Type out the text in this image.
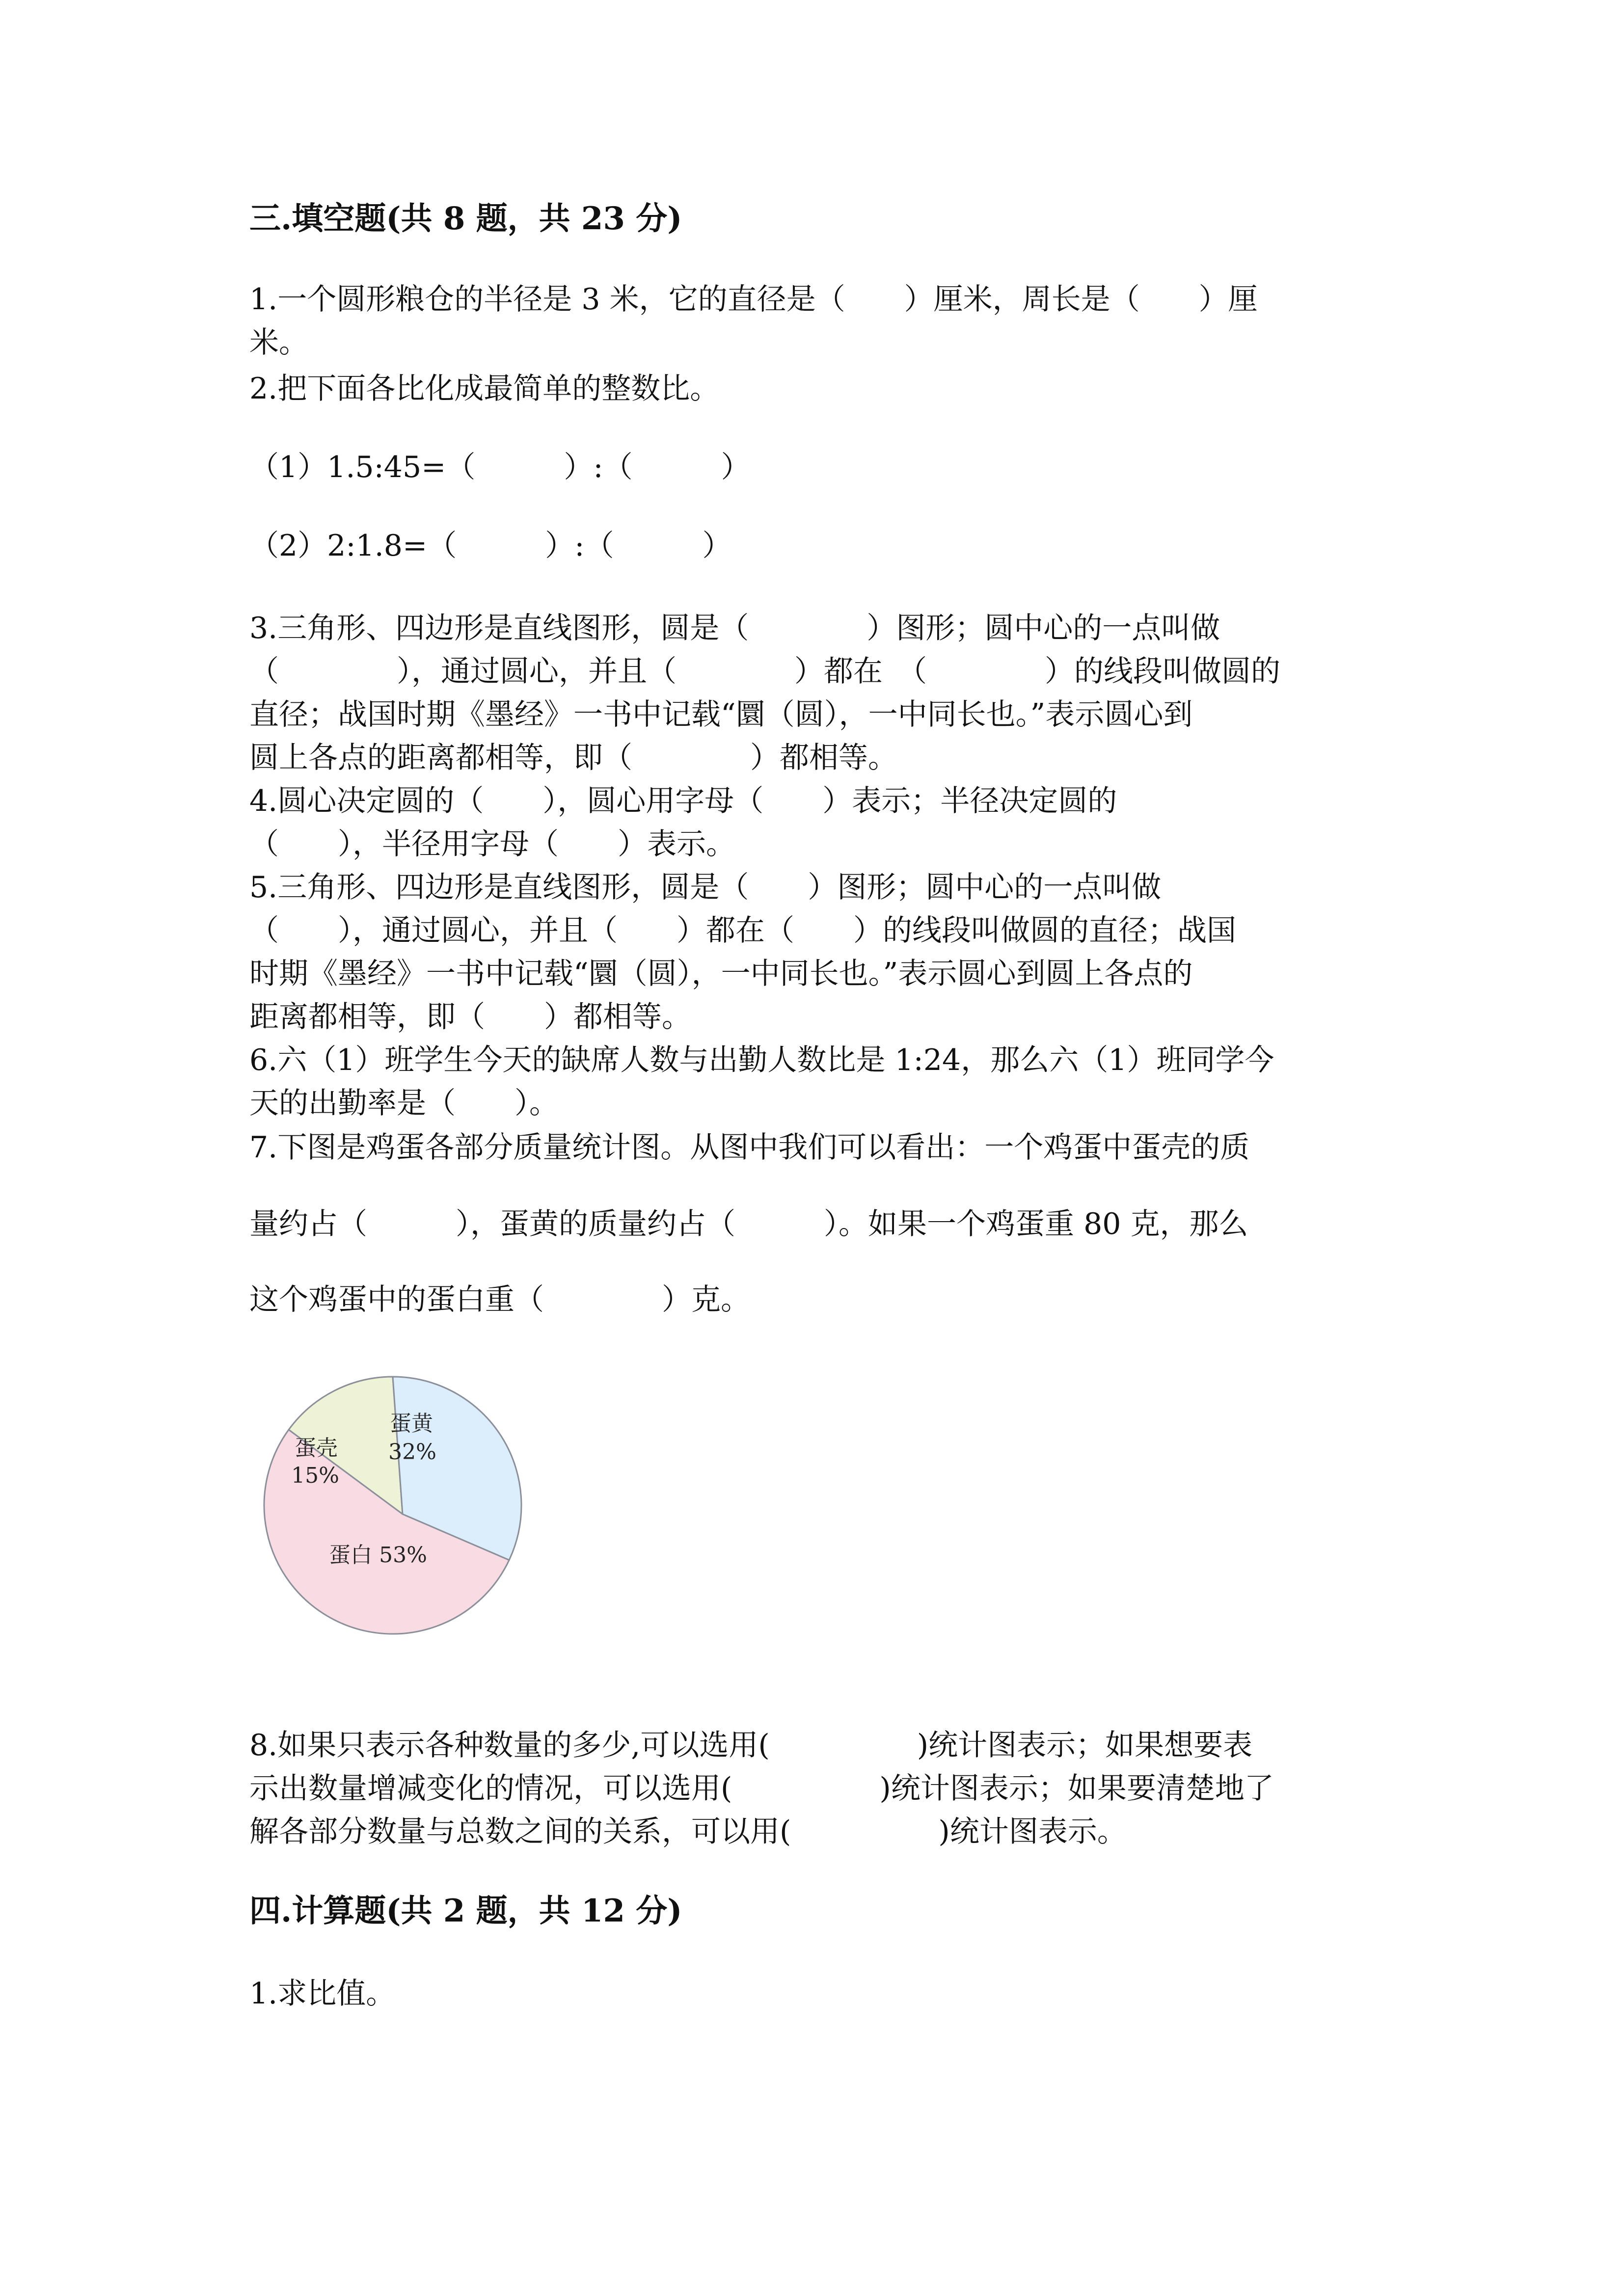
三.填空题(共 8 题，共 23 分)
1.一个圆形粮仓的半径是 3 米，它的直径是（　　）厘米，周长是（　　）厘
米。
2.把下面各比化成最简单的整数比。
（1）1.5:45=（　　　）:（　　　）
（2）2:1.8=（　　　）:（　　　）
3.三角形、四边形是直线图形，圆是（　　　　）图形；圆中心的一点叫做
（　　　　），通过圆心，并且（　　　　）都在　（　　　　）的线段叫做圆的
直径；战国时期《墨经》一书中记载“圜（圆），一中同长也。”表示圆心到
圆上各点的距离都相等，即（　　　　）都相等。
4.圆心决定圆的（　　），圆心用字母（　　）表示；半径决定圆的
（　　），半径用字母（　　）表示。
5.三角形、四边形是直线图形，圆是（　　）图形；圆中心的一点叫做
（　　），通过圆心，并且（　　）都在（　　）的线段叫做圆的直径；战国
时期《墨经》一书中记载“圜（圆），一中同长也。”表示圆心到圆上各点的
距离都相等，即（　　）都相等。
6.六（1）班学生今天的缺席人数与出勤人数比是 1:24，那么六（1）班同学今
天的出勤率是（　　）。
7.下图是鸡蛋各部分质量统计图。从图中我们可以看出：一个鸡蛋中蛋壳的质
量约占（　　　），蛋黄的质量约占（　　　）。如果一个鸡蛋重 80 克，那么
这个鸡蛋中的蛋白重（　　　　）克。
蛋黄
32%
蛋白 53%
蛋壳
15%
8.如果只表示各种数量的多少,可以选用(　　　　　)统计图表示；如果想要表
示出数量增减变化的情况，可以选用(　　　　　)统计图表示；如果要清楚地了
解各部分数量与总数之间的关系，可以用(　　　　　)统计图表示。
四.计算题(共 2 题，共 12 分)
1.求比值。
